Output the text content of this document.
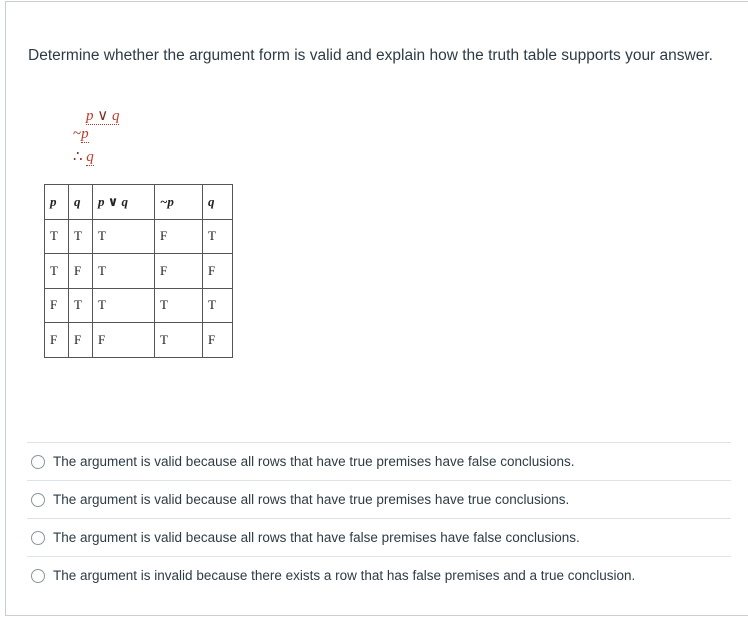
Determine whether the argument form is valid and explain how the truth table supports your answer.
p ∨ q
~p
∴ q
p	q	p ∨ q	~p	q
T	T	T	F	T
T	F	T	F	F
F	T	T	T	T
F	F	F	T	F
The argument is valid because all rows that have true premises have false conclusions.
The argument is valid because all rows that have true premises have true conclusions.
The argument is valid because all rows that have false premises have false conclusions.
The argument is invalid because there exists a row that has false premises and a true conclusion.
